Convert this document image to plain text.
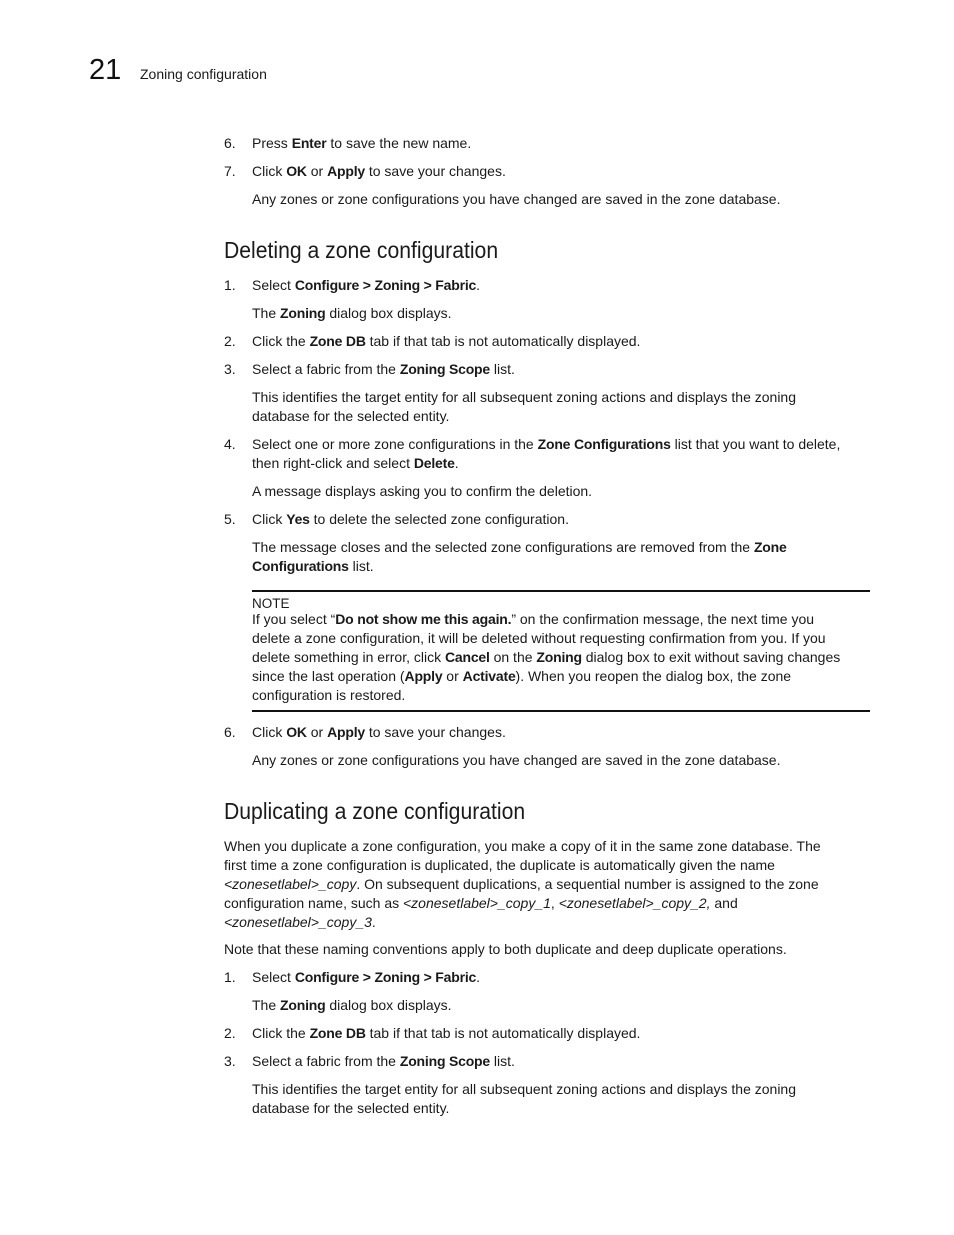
21 Zoning configuration
6. Press Enter to save the new name.
7. Click OK or Apply to save your changes.
Any zones or zone configurations you have changed are saved in the zone database.
Deleting a zone configuration
1. Select Configure > Zoning > Fabric.
The Zoning dialog box displays.
2. Click the Zone DB tab if that tab is not automatically displayed.
3. Select a fabric from the Zoning Scope list.
This identifies the target entity for all subsequent zoning actions and displays the zoning
database for the selected entity.
4. Select one or more zone configurations in the Zone Configurations list that you want to delete,
then right-click and select Delete.
A message displays asking you to confirm the deletion.
5. Click Yes to delete the selected zone configuration.
The message closes and the selected zone configurations are removed from the Zone
Configurations list.
NOTE
If you select “Do not show me this again.” on the confirmation message, the next time you
delete a zone configuration, it will be deleted without requesting confirmation from you. If you
delete something in error, click Cancel on the Zoning dialog box to exit without saving changes
since the last operation (Apply or Activate). When you reopen the dialog box, the zone
configuration is restored.
6. Click OK or Apply to save your changes.
Any zones or zone configurations you have changed are saved in the zone database.
Duplicating a zone configuration
When you duplicate a zone configuration, you make a copy of it in the same zone database. The
first time a zone configuration is duplicated, the duplicate is automatically given the name
<zonesetlabel>_copy. On subsequent duplications, a sequential number is assigned to the zone
configuration name, such as <zonesetlabel>_copy_1, <zonesetlabel>_copy_2, and
<zonesetlabel>_copy_3.
Note that these naming conventions apply to both duplicate and deep duplicate operations.
1. Select Configure > Zoning > Fabric.
The Zoning dialog box displays.
2. Click the Zone DB tab if that tab is not automatically displayed.
3. Select a fabric from the Zoning Scope list.
This identifies the target entity for all subsequent zoning actions and displays the zoning
database for the selected entity.
